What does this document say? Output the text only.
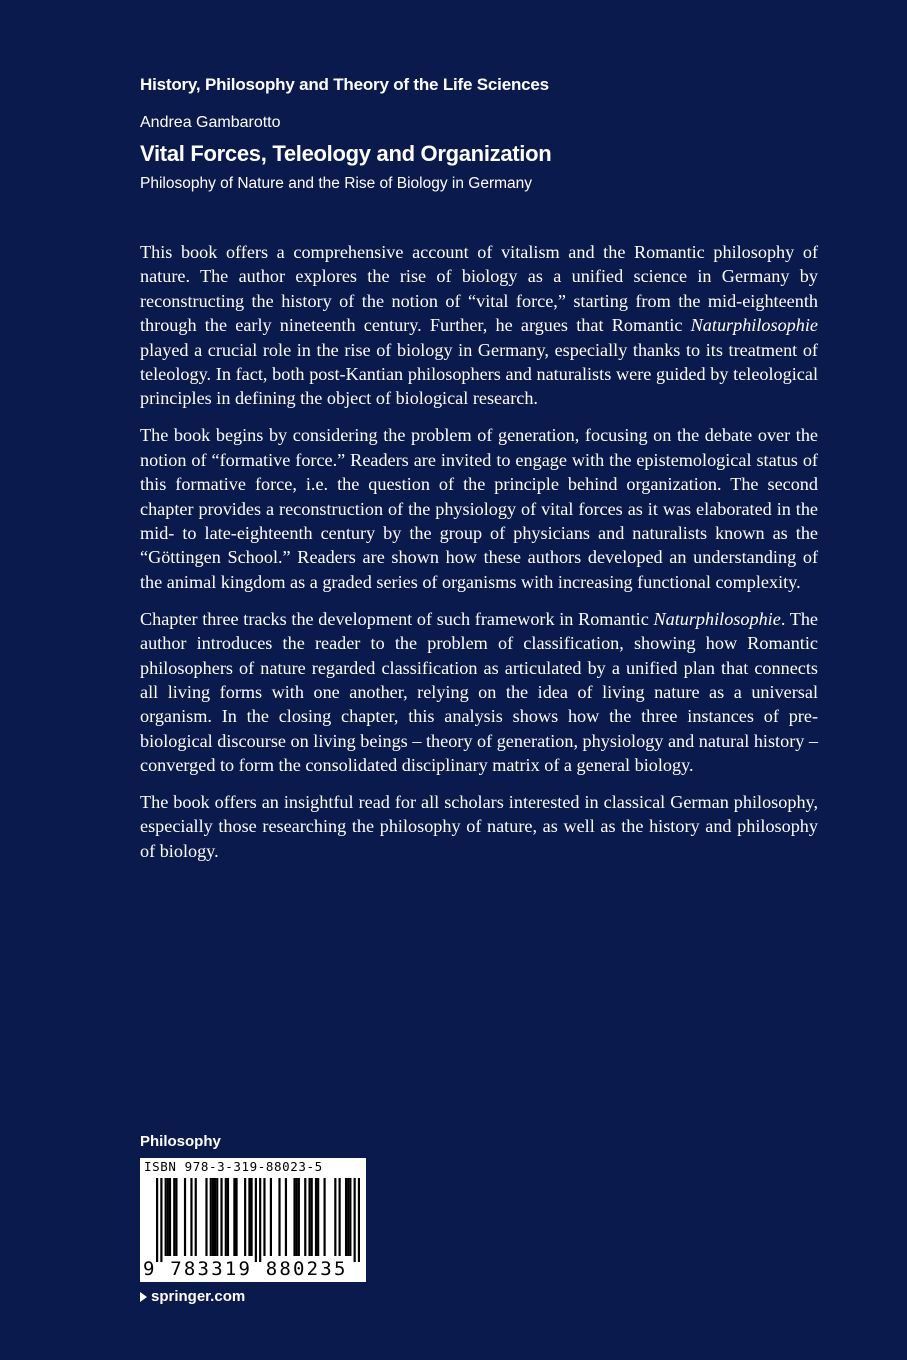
History, Philosophy and Theory of the Life Sciences
Andrea Gambarotto
Vital Forces, Teleology and Organization
Philosophy of Nature and the Rise of Biology in Germany

This book offers a comprehensive account of vitalism and the Romantic philosophy of nature. The author explores the rise of biology as a unified science in Germany by reconstructing the history of the notion of “vital force,” starting from the mid-eighteenth through the early nineteenth century. Further, he argues that Romantic Naturphilosophie played a crucial role in the rise of biology in Germany, especially thanks to its treatment of teleology. In fact, both post-Kantian philosophers and naturalists were guided by teleological principles in defining the object of biological research.

The book begins by considering the problem of generation, focusing on the debate over the notion of “formative force.” Readers are invited to engage with the epistemological status of this formative force, i.e. the question of the principle behind organization. The second chapter provides a reconstruction of the physiology of vital forces as it was elaborated in the mid- to late-eighteenth century by the group of physicians and naturalists known as the “Göttingen School.” Readers are shown how these authors developed an understanding of the animal kingdom as a graded series of organisms with increasing functional complexity.

Chapter three tracks the development of such framework in Romantic Naturphilosophie. The author introduces the reader to the problem of classification, showing how Romantic philosophers of nature regarded classification as articulated by a unified plan that connects all living forms with one another, relying on the idea of living nature as a universal organism. In the closing chapter, this analysis shows how the three instances of pre-biological discourse on living beings – theory of generation, physiology and natural history – converged to form the consolidated disciplinary matrix of a general biology.

The book offers an insightful read for all scholars interested in classical German philosophy, especially those researching the philosophy of nature, as well as the history and philosophy of biology.

Philosophy
ISBN 978-3-319-88023-5
9 783319 880235
springer.com
